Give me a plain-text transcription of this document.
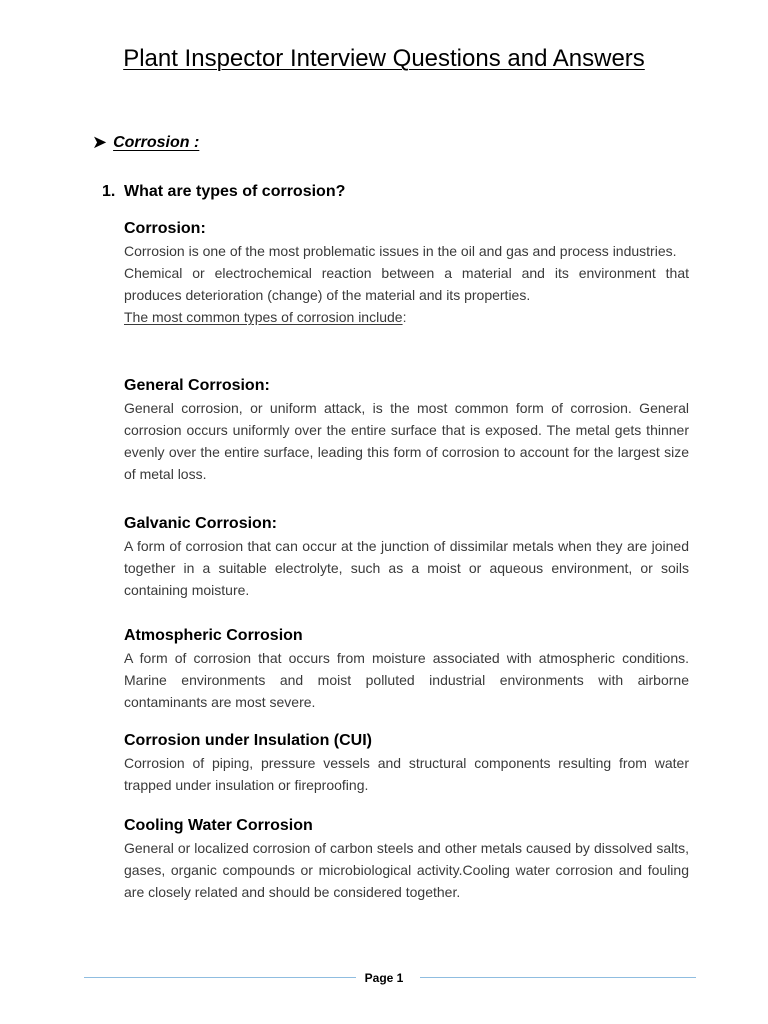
Plant Inspector Interview Questions and Answers
➤ Corrosion :
1. What are types of corrosion?
Corrosion:

Corrosion is one of the most problematic issues in the oil and gas and process industries.

Chemical or electrochemical reaction between a material and its environment that produces deterioration (change) of the material and its properties.

The most common types of corrosion include:

General Corrosion:

General corrosion, or uniform attack, is the most common form of corrosion. General corrosion occurs uniformly over the entire surface that is exposed. The metal gets thinner evenly over the entire surface, leading this form of corrosion to account for the largest size of metal loss.

Galvanic Corrosion:

A form of corrosion that can occur at the junction of dissimilar metals when they are joined together in a suitable electrolyte, such as a moist or aqueous environment, or soils containing moisture.

Atmospheric Corrosion

A form of corrosion that occurs from moisture associated with atmospheric conditions. Marine environments and moist polluted industrial environments with airborne contaminants are most severe.

Corrosion under Insulation (CUI)

Corrosion of piping, pressure vessels and structural components resulting from water trapped under insulation or fireproofing.

Cooling Water Corrosion

General or localized corrosion of carbon steels and other metals caused by dissolved salts, gases, organic compounds or microbiological activity.Cooling water corrosion and fouling are closely related and should be considered together.

Page 1
